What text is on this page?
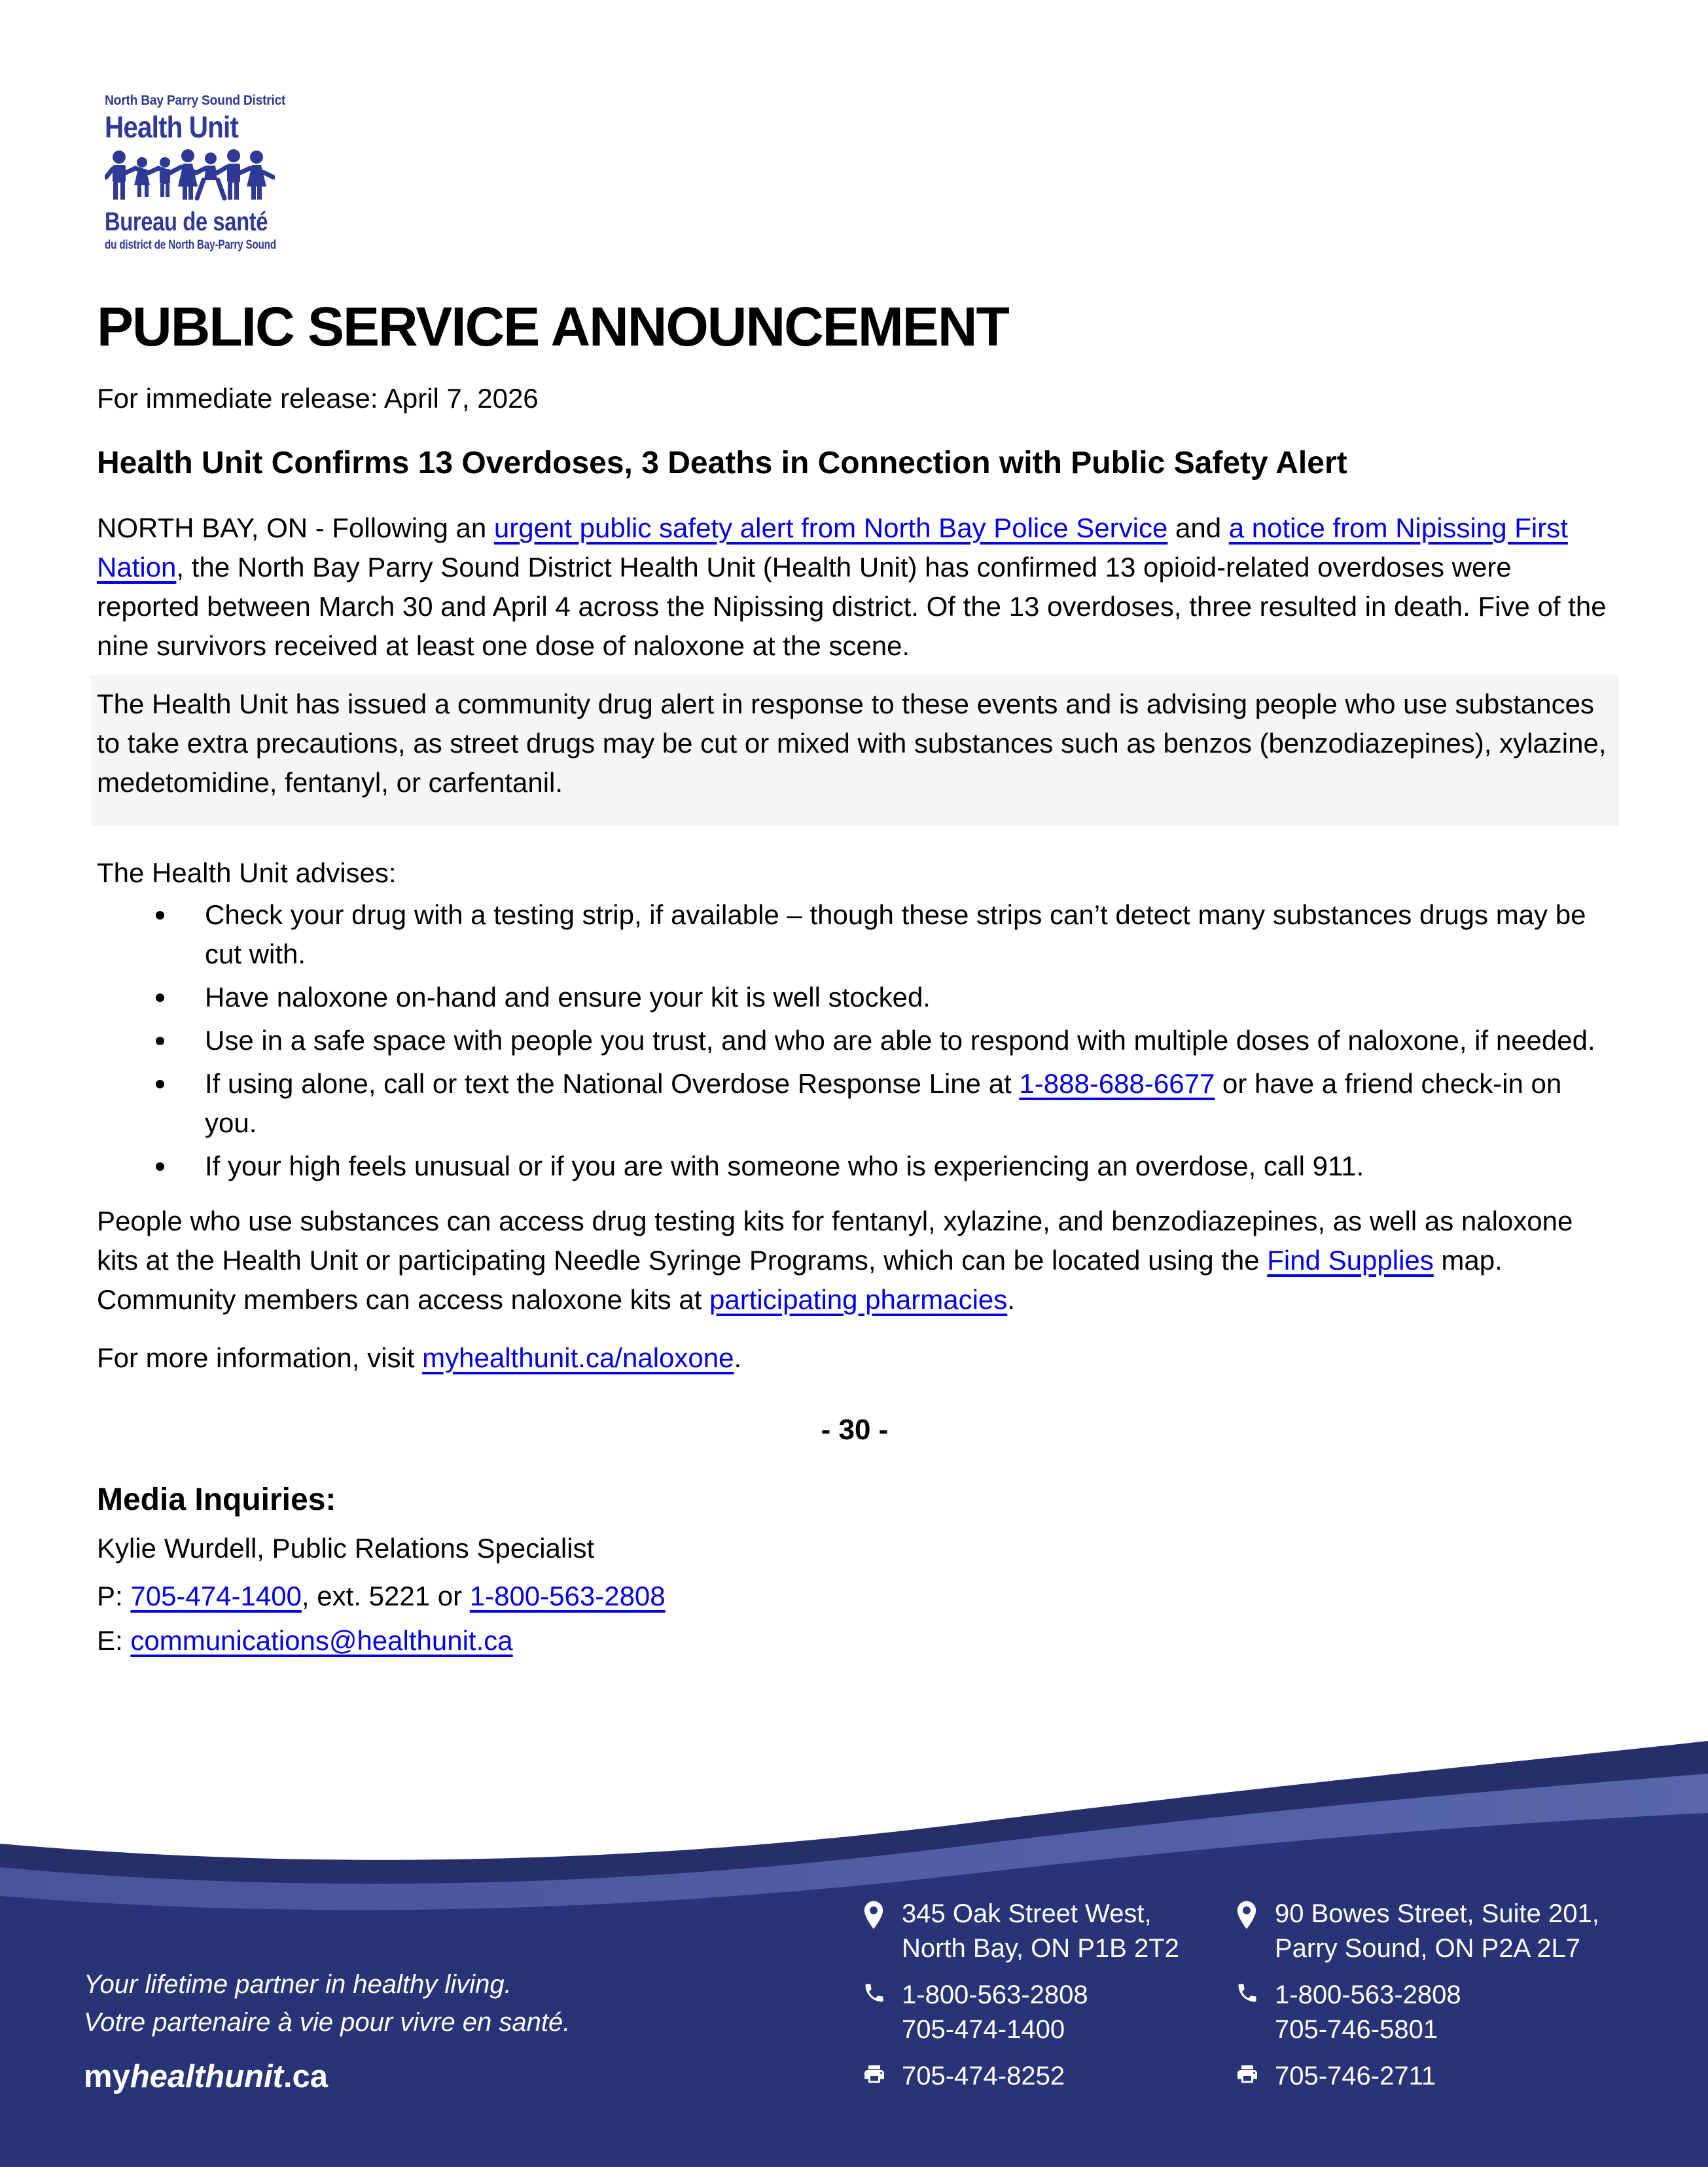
North Bay Parry Sound District
Health Unit
Bureau de santé
du district de North Bay-Parry Sound
PUBLIC SERVICE ANNOUNCEMENT
For immediate release: April 7, 2026
Health Unit Confirms 13 Overdoses, 3 Deaths in Connection with Public Safety Alert
NORTH BAY, ON - Following an urgent public safety alert from North Bay Police Service and a notice from Nipissing First Nation, the North Bay Parry Sound District Health Unit (Health Unit) has confirmed 13 opioid-related overdoses were reported between March 30 and April 4 across the Nipissing district. Of the 13 overdoses, three resulted in death. Five of the nine survivors received at least one dose of naloxone at the scene.
The Health Unit has issued a community drug alert in response to these events and is advising people who use substances to take extra precautions, as street drugs may be cut or mixed with substances such as benzos (benzodiazepines), xylazine, medetomidine, fentanyl, or carfentanil.
The Health Unit advises:
Check your drug with a testing strip, if available – though these strips can’t detect many substances drugs may be cut with.
Have naloxone on-hand and ensure your kit is well stocked.
Use in a safe space with people you trust, and who are able to respond with multiple doses of naloxone, if needed.
If using alone, call or text the National Overdose Response Line at 1-888-688-6677 or have a friend check-in on you.
If your high feels unusual or if you are with someone who is experiencing an overdose, call 911.
People who use substances can access drug testing kits for fentanyl, xylazine, and benzodiazepines, as well as naloxone kits at the Health Unit or participating Needle Syringe Programs, which can be located using the Find Supplies map. Community members can access naloxone kits at participating pharmacies.
For more information, visit myhealthunit.ca/naloxone.
- 30 -
Media Inquiries:
Kylie Wurdell, Public Relations Specialist
P: 705-474-1400, ext. 5221 or 1-800-563-2808
E: communications@healthunit.ca
Your lifetime partner in healthy living.
Votre partenaire à vie pour vivre en santé.
myhealthunit.ca
345 Oak Street West,
North Bay, ON P1B 2T2
1-800-563-2808
705-474-1400
705-474-8252
90 Bowes Street, Suite 201,
Parry Sound, ON P2A 2L7
1-800-563-2808
705-746-5801
705-746-2711
